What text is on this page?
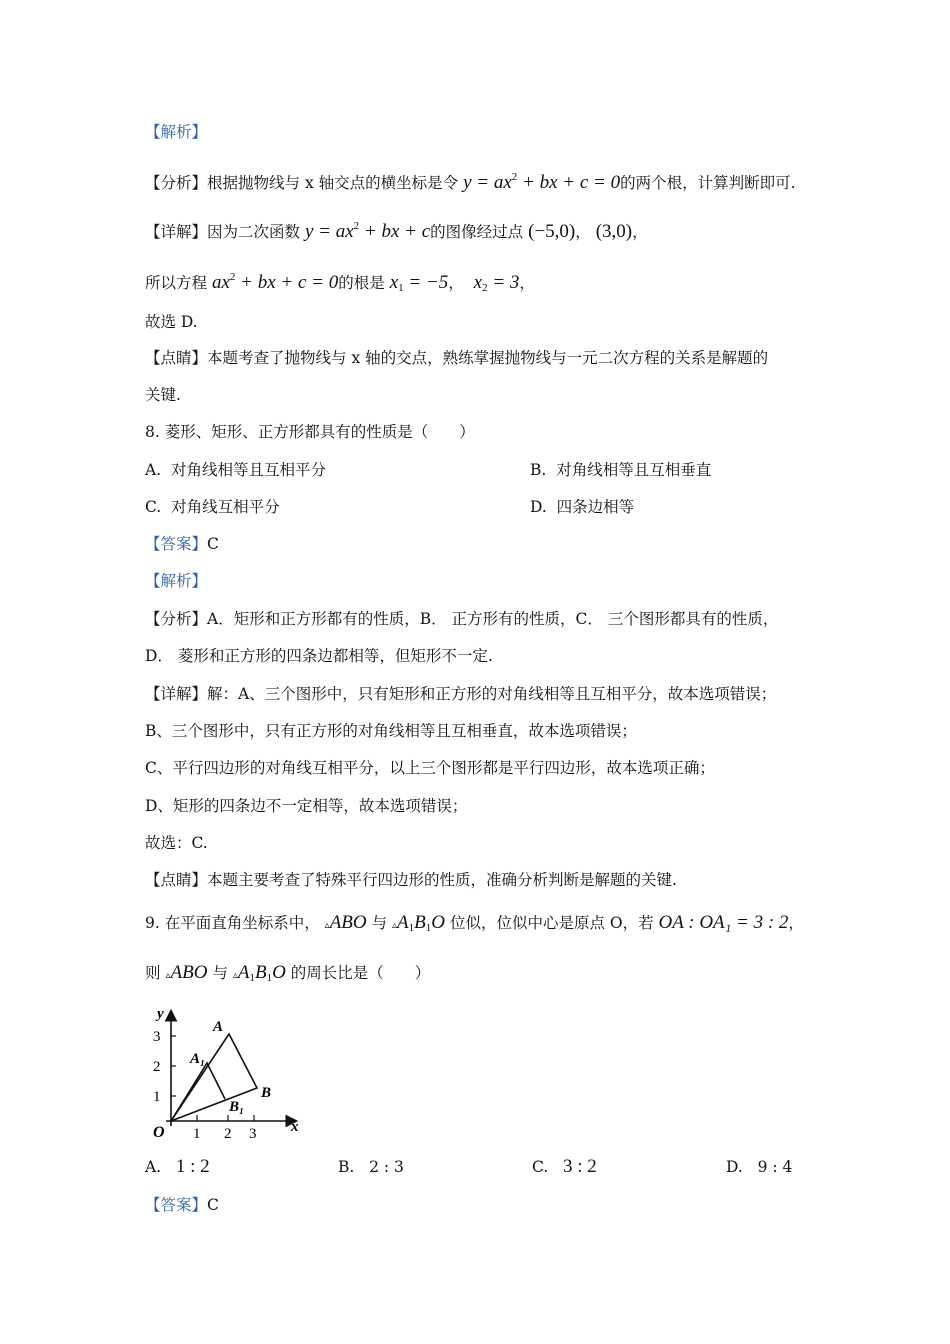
【解析】
【分析】根据抛物线与 x 轴交点的横坐标是令 $y = ax^2$ + bx + c = 0的两个根，计算判断即可.
【详解】因为二次函数 $y = ax^2$ + bx + c的图像经过点 (−5,0)， (3,0)，
所以方程 $ax^2$ + bx + c = 0的根是 $x_1 = -5$，  $x_2 = 3$，
故选 D.
【点睛】本题考查了抛物线与 x 轴的交点，熟练掌握抛物线与一元二次方程的关系是解题的
关键.
8. 菱形、矩形、正方形都具有的性质是（　　）
A. 对角线相等且互相平分	B. 对角线相等且互相垂直
C. 对角线互相平分	D. 四条边相等
【答案】C
【解析】
【分析】A．矩形和正方形都有的性质，B． 正方形有的性质，C． 三个图形都具有的性质，
D． 菱形和正方形的四条边都相等，但矩形不一定.
【详解】解：A、三个图形中，只有矩形和正方形的对角线相等且互相平分，故本选项错误；
B、三个图形中，只有正方形的对角线相等且互相垂直，故本选项错误；
C、平行四边形的对角线互相平分，以上三个图形都是平行四边形，故本选项正确；
D、矩形的四条边不一定相等，故本选项错误；
故选：C.
【点睛】本题主要考查了特殊平行四边形的性质，准确分析判断是解题的关键.
9. 在平面直角坐标系中， ▵ABO 与 $▵A_1B_1O$ 位似，位似中心是原点 O，若 OA : OA₁ = 3 : 2，
则 ▵ABO 与 $▵A_1B_1O$ 的周长比是（　　）
y
x
O 1 2 3
1
2
3
A
A₁
B
B₁
A. 1 : 2	B. 2 : 3	C. 3 : 2	D. 9 : 4
【答案】C
